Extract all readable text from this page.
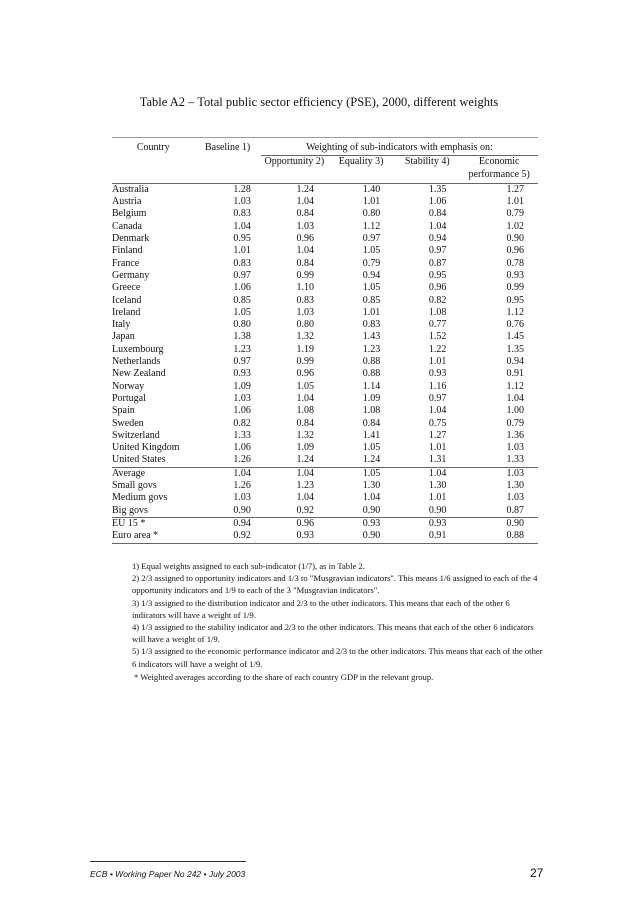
Table A2 – Total public sector efficiency (PSE), 2000, different weights
Country	Baseline 1)	Weighting of sub-indicators with emphasis on:			
		Opportunity 2)	Equality 3)	Stability 4)	Economic
performance 5)
Australia	1.28	1.24	1.40	1.35	1.27
Austria	1.03	1.04	1.01	1.06	1.01
Belgium	0.83	0.84	0.80	0.84	0.79
Canada	1.04	1.03	1.12	1.04	1.02
Denmark	0.95	0.96	0.97	0.94	0.90
Finland	1.01	1.04	1.05	0.97	0.96
France	0.83	0.84	0.79	0.87	0.78
Germany	0.97	0.99	0.94	0.95	0.93
Greece	1.06	1.10	1.05	0.96	0.99
Iceland	0.85	0.83	0.85	0.82	0.95
Ireland	1.05	1.03	1.01	1.08	1.12
Italy	0.80	0.80	0.83	0.77	0.76
Japan	1.38	1.32	1.43	1.52	1.45
Luxembourg	1.23	1.19	1.23	1.22	1.35
Netherlands	0.97	0.99	0.88	1.01	0.94
New Zealand	0.93	0.96	0.88	0.93	0.91
Norway	1.09	1.05	1.14	1.16	1.12
Portugal	1.03	1.04	1.09	0.97	1.04
Spain	1.06	1.08	1.08	1.04	1.00
Sweden	0.82	0.84	0.84	0.75	0.79
Switzerland	1.33	1.32	1.41	1.27	1.36
United Kingdom	1.06	1.09	1.05	1.01	1.03
United States	1.26	1.24	1.24	1.31	1.33
Average	1.04	1.04	1.05	1.04	1.03
Small govs	1.26	1.23	1.30	1.30	1.30
Medium govs	1.03	1.04	1.04	1.01	1.03
Big govs	0.90	0.92	0.90	0.90	0.87
EU 15 *	0.94	0.96	0.93	0.93	0.90
Euro area *	0.92	0.93	0.90	0.91	0.88

1) Equal weights assigned to each sub-indicator (1/7), as in Table 2.

2) 2/3 assigned to opportunity indicators and 1/3 to "Musgravian indicators". This means 1/6 assigned to each of the 4 opportunity indicators and 1/9 to each of the 3 "Musgravian indicators".

3) 1/3 assigned to the distribution indicator and 2/3 to the other indicators. This means that each of the other 6 indicators will have a weight of 1/9.

4) 1/3 assigned to the stability indicator and 2/3 to the other indicators. This means that each of the other 6 indicators will have a weight of 1/9.

5) 1/3 assigned to the economic performance indicator and 2/3 to the other indicators. This means that each of the other 6 indicators will have a weight of 1/9.

* Weighted averages according to the share of each country GDP in the relevant group.
ECB • Working Paper No 242 • July 2003	27
